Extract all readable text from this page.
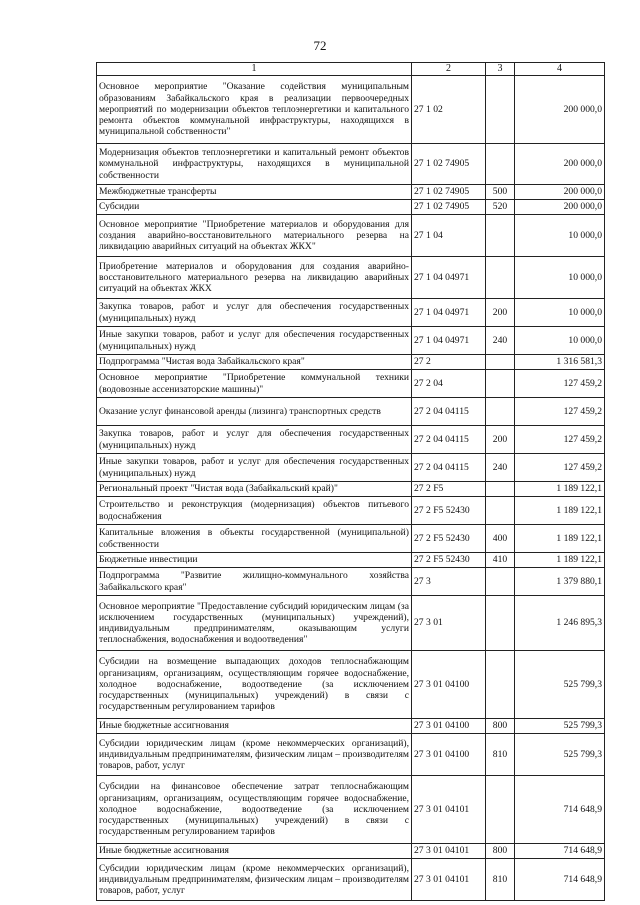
72
1	2	3	4
Основное мероприятие "Оказание содействия муниципальным образованиям Забайкальского края в реализации первоочередных мероприятий по модернизации объектов теплоэнергетики и капитального ремонта объектов коммунальной инфраструктуры, находящихся в муниципальной собственности"	27 1 02		200 000,0
Модернизация объектов теплоэнергетики и капитальный ремонт объектов коммунальной инфраструктуры, находящихся в муниципальной собственности	27 1 02 74905		200 000,0
Межбюджетные трансферты	27 1 02 74905	500	200 000,0
Субсидии	27 1 02 74905	520	200 000,0
Основное мероприятие "Приобретение материалов и оборудования для создания аварийно-восстановительного материального резерва на ликвидацию аварийных ситуаций на объектах ЖКХ"	27 1 04		10 000,0
Приобретение материалов и оборудования для создания аварийно-восстановительного материального резерва на ликвидацию аварийных ситуаций на объектах ЖКХ	27 1 04 04971		10 000,0
Закупка товаров, работ и услуг для обеспечения государственных (муниципальных) нужд	27 1 04 04971	200	10 000,0
Иные закупки товаров, работ и услуг для обеспечения государственных (муниципальных) нужд	27 1 04 04971	240	10 000,0
Подпрограмма "Чистая вода Забайкальского края"	27 2		1 316 581,3
Основное мероприятие "Приобретение коммунальной техники (водовозные ассенизаторские машины)"	27 2 04		127 459,2
Оказание услуг финансовой аренды (лизинга) транспортных средств	27 2 04 04115		127 459,2
Закупка товаров, работ и услуг для обеспечения государственных (муниципальных) нужд	27 2 04 04115	200	127 459,2
Иные закупки товаров, работ и услуг для обеспечения государственных (муниципальных) нужд	27 2 04 04115	240	127 459,2
Региональный проект "Чистая вода (Забайкальский край)"	27 2 F5		1 189 122,1
Строительство и реконструкция (модернизация) объектов питьевого водоснабжения	27 2 F5 52430		1 189 122,1
Капитальные вложения в объекты государственной (муниципальной) собственности	27 2 F5 52430	400	1 189 122,1
Бюджетные инвестиции	27 2 F5 52430	410	1 189 122,1
Подпрограмма "Развитие жилищно-коммунального хозяйства Забайкальского края"	27 3		1 379 880,1
Основное мероприятие "Предоставление субсидий юридическим лицам (за исключением государственных (муниципальных) учреждений), индивидуальным предпринимателям, оказывающим услуги теплоснабжения, водоснабжения и водоотведения"	27 3 01		1 246 895,3
Субсидии на возмещение выпадающих доходов теплоснабжающим организациям, организациям, осуществляющим горячее водоснабжение, холодное водоснабжение, водоотведение (за исключением государственных (муниципальных) учреждений) в связи с государственным регулированием тарифов	27 3 01 04100		525 799,3
Иные бюджетные ассигнования	27 3 01 04100	800	525 799,3
Субсидии юридическим лицам (кроме некоммерческих организаций), индивидуальным предпринимателям, физическим лицам – производителям товаров, работ, услуг	27 3 01 04100	810	525 799,3
Субсидии на финансовое обеспечение затрат теплоснабжающим организациям, организациям, осуществляющим горячее водоснабжение, холодное водоснабжение, водоотведение (за исключением государственных (муниципальных) учреждений) в связи с государственным регулированием тарифов	27 3 01 04101		714 648,9
Иные бюджетные ассигнования	27 3 01 04101	800	714 648,9
Субсидии юридическим лицам (кроме некоммерческих организаций), индивидуальным предпринимателям, физическим лицам – производителям товаров, работ, услуг	27 3 01 04101	810	714 648,9
